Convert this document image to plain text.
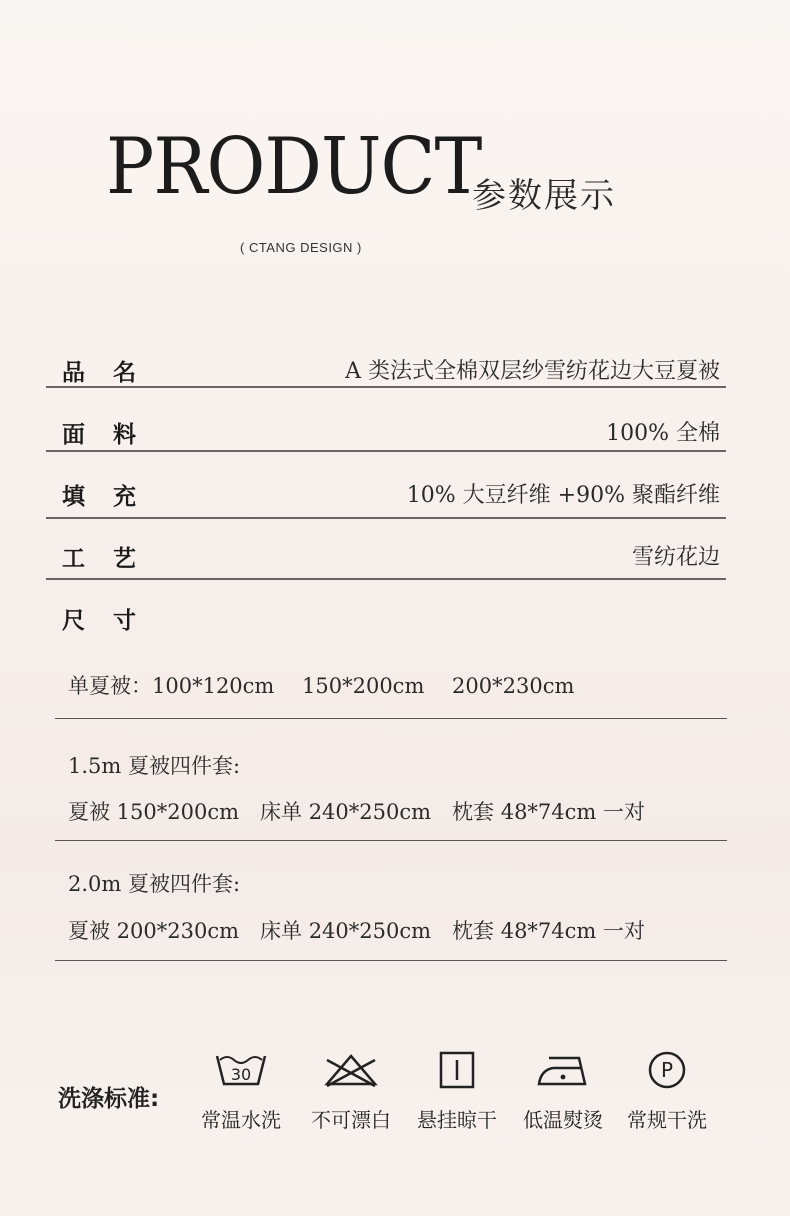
PRODUCT
参数展示
( CTANG DESIGN )
品 名	A 类法式全棉双层纱雪纺花边大豆夏被
面 料	100% 全棉
填 充	10% 大豆纤维 +90% 聚酯纤维
工 艺	雪纺花边
尺 寸
单夏被：100*120cm　 150*200cm　 200*230cm
1.5m 夏被四件套:
夏被 150*200cm　床单 240*250cm　枕套 48*74cm 一对
2.0m 夏被四件套:
夏被 200*230cm　床单 240*250cm　枕套 48*74cm 一对
洗涤标准:
30
常温水洗	不可漂白	悬挂晾干	低温熨烫
P
常规干洗
